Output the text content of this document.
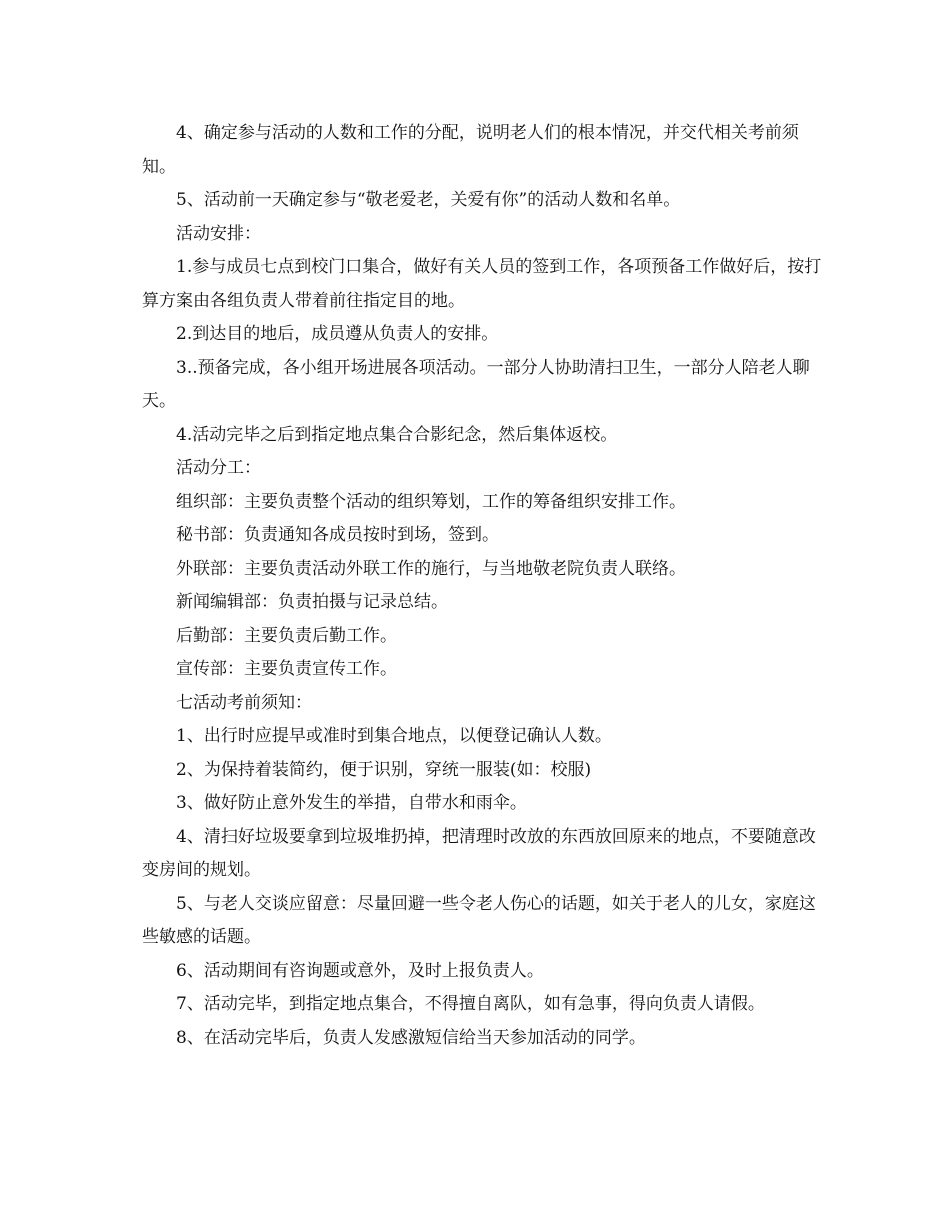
4、确定参与活动的人数和工作的分配，说明老人们的根本情况，并交代相关考前须知。

5、活动前一天确定参与“敬老爱老，关爱有你”的活动人数和名单。

活动安排：

1.参与成员七点到校门口集合，做好有关人员的签到工作，各项预备工作做好后，按打算方案由各组负责人带着前往指定目的地。

2.到达目的地后，成员遵从负责人的安排。

3..预备完成，各小组开场进展各项活动。一部分人协助清扫卫生，一部分人陪老人聊天。

4.活动完毕之后到指定地点集合合影纪念，然后集体返校。

活动分工：

组织部：主要负责整个活动的组织筹划，工作的筹备组织安排工作。

秘书部：负责通知各成员按时到场，签到。

外联部：主要负责活动外联工作的施行，与当地敬老院负责人联络。

新闻编辑部：负责拍摄与记录总结。

后勤部：主要负责后勤工作。

宣传部：主要负责宣传工作。

七活动考前须知：

1、出行时应提早或准时到集合地点，以便登记确认人数。

2、为保持着装简约，便于识别，穿统一服装(如：校服)

3、做好防止意外发生的举措，自带水和雨伞。

4、清扫好垃圾要拿到垃圾堆扔掉，把清理时改放的东西放回原来的地点，不要随意改变房间的规划。

5、与老人交谈应留意：尽量回避一些令老人伤心的话题，如关于老人的儿女，家庭这些敏感的话题。

6、活动期间有咨询题或意外，及时上报负责人。

7、活动完毕，到指定地点集合，不得擅自离队，如有急事，得向负责人请假。

8、在活动完毕后，负责人发感激短信给当天参加活动的同学。
